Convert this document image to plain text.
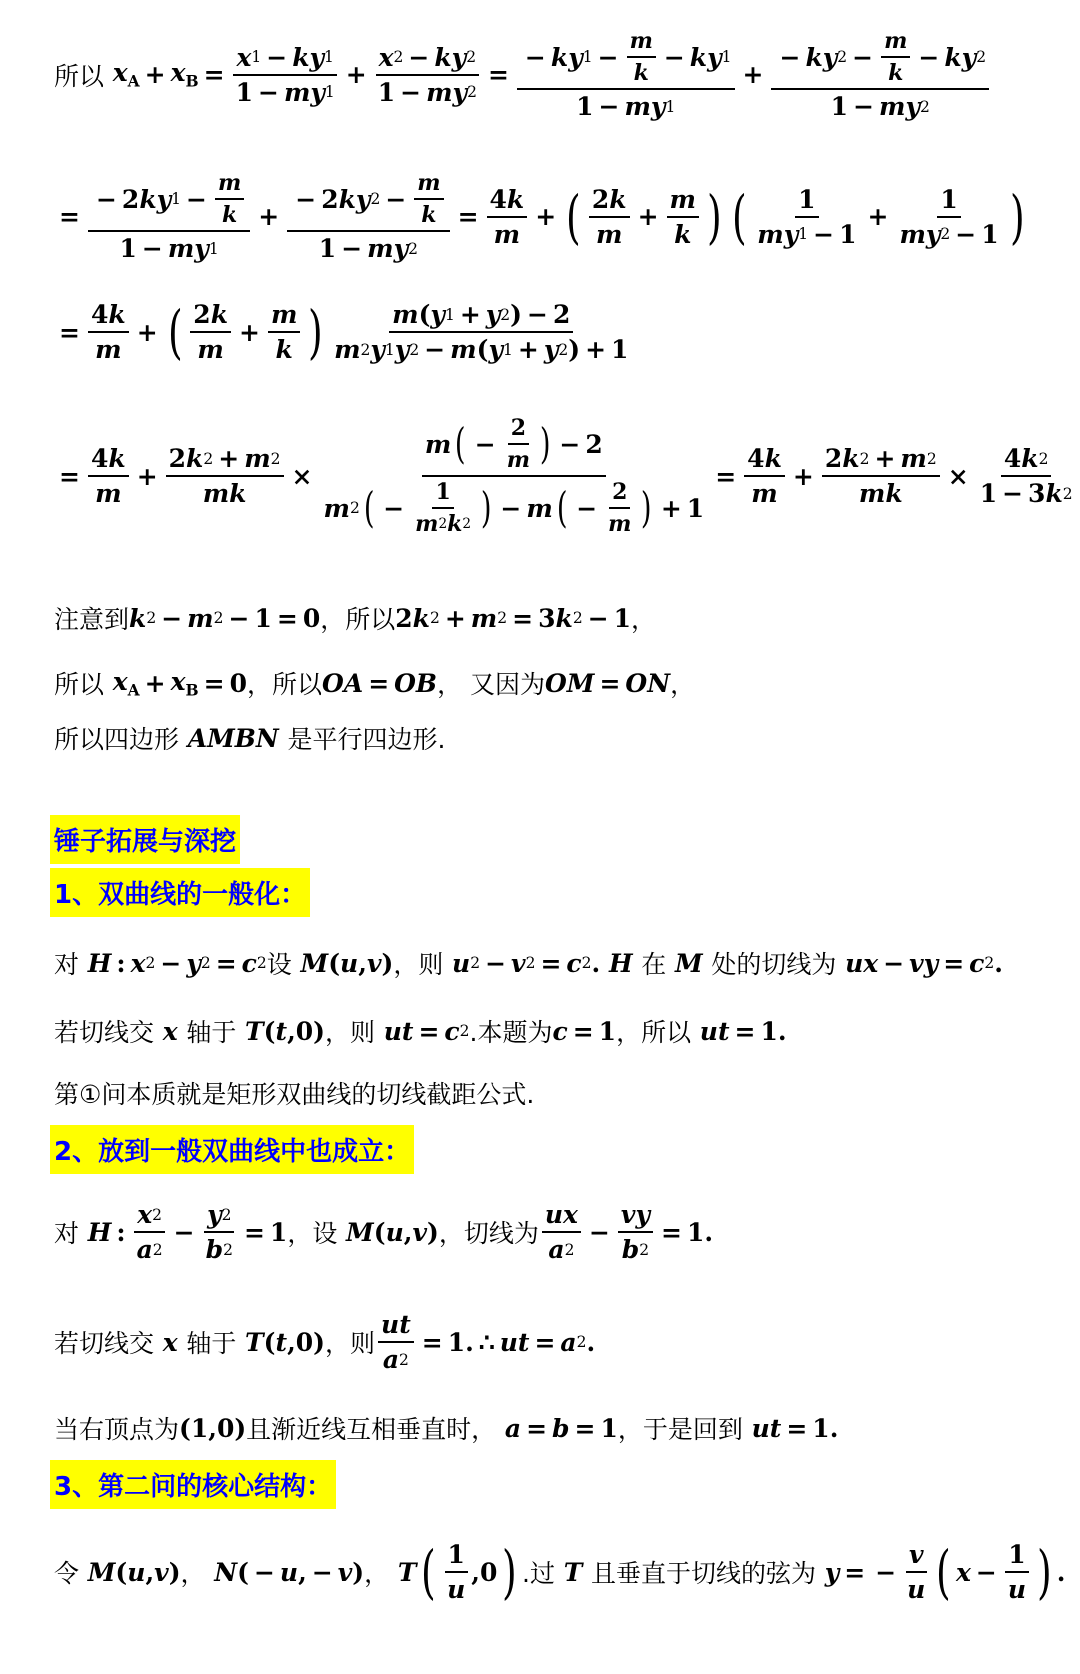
所以 $x_A + x_B = \frac{x 1 - ky 1}{1 - my 1} + \frac{x 2 - ky 2}{1 - my 2} = \frac{- ky 1 - \frac{m}{k} - ky 1}{1 - my 1} + \frac{- ky 2 - \frac{m}{k} - ky 2}{1 - my 2}$
= $\frac{- 2 ky 1 - \frac{m}{k}}{1 - my 1} + \frac{- 2 ky 2 - \frac{m}{k}}{1 - my 2} = \frac{4 k}{m}$ + ( $\frac{2 k}{m} + \frac{m}{k}$ ) ( $\frac{1}{my 1 - 1} + \frac{1}{my 2 - 1}$ )
= $\frac{4 k}{m}$ + ( $\frac{2 k}{m} + \frac{m}{k}$ ) $\frac{m ( y 1 + y 2 ) - 2}{m 2 y 1 y 2 - m ( y 1 + y 2 ) + 1}$
= $\frac{4 k}{m} + \frac{2 k 2 + m 2}{mk} \times \frac{m ( - \frac{2}{m} ) - 2}{m 2 ( - \frac{1}{m 2 k 2} ) - m ( - \frac{2}{m} ) + 1} = \frac{4 k}{m} + \frac{2 k 2 + m 2}{mk} \times \frac{4 k 2}{1 - 3 k 2}$
注意到 k 2 − m 2 − 1 = 0 ，所以 2 k 2 + m 2 = 3 k 2 − 1 ，
所以 $x_A + x_B = 0$ ，所以 OA = OB ， 又因为 OM = ON ，
所以四边形 AMBN 是平行四边形.
锤子拓展与深挖
1、双曲线的一般化：
对 H : x 2 − y 2 = c 2 设 M ( u , v ) ，则 u 2 − v 2 = c 2 . H 在 M 处的切线为 ux − vy = c 2 .
若切线交 x 轴于 T ( t ,0) ，则 ut = c 2 .本题为 c = 1 ，所以 ut = 1.
第①问本质就是矩形双曲线的切线截距公式.
2、放到一般双曲线中也成立：
对 H : $\frac{x 2}{a 2} - \frac{y 2}{b 2} = 1$ ，设 M ( u , v ) ，切线为 $\frac{ux}{a 2} - \frac{vy}{b 2} = 1$.
若切线交 x 轴于 T ( t ,0) ，则 $\frac{ut}{a 2} = 1$. ∴ ut = a 2 .
当右顶点为 (1,0) 且渐近线互相垂直时， a = b = 1 ，于是回到 ut = 1.
3、第二问的核心结构：
令 M ( u , v ) ， N ( − u , − v ) ， T ( $\frac{1}{u} ,0$ ) .过 T 且垂直于切线的弦为 y = − $\frac{v}{u}$ ( $x - \frac{1}{u}$ ) .
